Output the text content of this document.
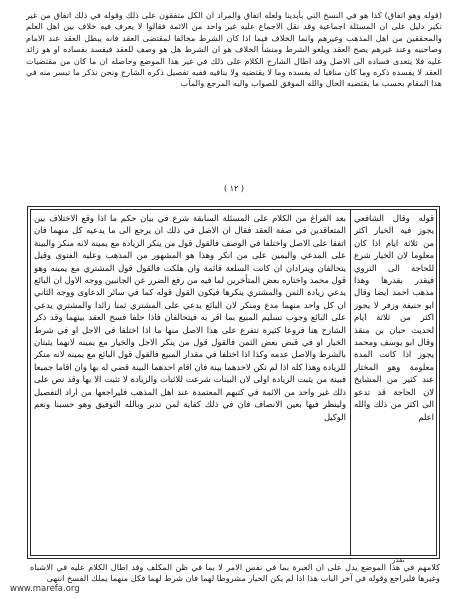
(قوله وهو اتفاق) كذا هو في النسخ التي بأيدينا ولعله اتفاق والمراد ان الكل متفقون على ذلك وقوله في ذلك اتفاق من غير نكير دليل على ان المسئلة اجماعية وقد نقل الاجماع عليه غير واحد من الائمة فقالوا لا يعرف فيه خلاف بين اهل العلم والمحققين من اهل المذهب وغيرهم وانما الخلاف فيما اذا كان الشرط مخالفا لمقتضى العقد فانه يبطل العقد عند الامام وصاحبيه وعند غيرهم يصح العقد ويلغو الشرط ومنشأ الخلاف هو ان الشرط هل هو وصف للعقد فيفسد بفساده او هو زائد عليه فلا يتعدى فساده الى الاصل وقد اطال الشارح الكلام على ذلك في غير هذا الموضع وحاصله ان ما كان من مقتضيات العقد لا يفسده ذكره وما كان منافيا له يفسده وما لا يقتضيه ولا ينافيه ففيه تفصيل ذكره الشارح ونحن نذكر ما تيسر منه في هذا المقام بحسب ما يقتضيه الحال والله الموفق للصواب واليه المرجع والمآب
( ١٢ )
بعد الفراغ من الكلام على المسئلة السابقة شرع في بيان حكم ما اذا وقع الاختلاف بين المتعاقدين في صفة العقد فقال ان الاصل في ذلك ان يرجع الى ما يدعيه كل منهما فان اتفقا على الاصل واختلفا في الوصف فالقول قول من ينكر الزيادة مع يمينه لانه منكر والبينة على المدعي واليمين على من انكر وهذا هو المشهور من المذهب وعليه الفتوى وقيل يتحالفان ويترادان ان كانت السلعة قائمة وان هلكت فالقول قول المشتري مع يمينه وهو قول محمد واختاره بعض المتأخرين لما فيه من رفع الضرر عن الجانبين ووجه الاول ان البائع يدعي زيادة الثمن والمشتري ينكرها فيكون القول قوله كما في سائر الدعاوى ووجه الثاني ان كل واحد منهما مدع ومنكر لان البائع يدعي على المشتري ثمنا زائدا والمشتري يدعي على البائع وجوب تسليم المبيع بما اقر به فيتحالفان فاذا حلفا فسخ العقد بينهما وقد ذكر الشارح هنا فروعا كثيرة تتفرع على هذا الاصل منها ما اذا اختلفا في الاجل او في شرط الخيار او في قبض بعض الثمن فالقول قول من ينكر الاجل والخيار مع يمينه لانهما يثبتان بالشرط والاصل عدمه وكذا اذا اختلفا في مقدار المبيع فالقول قول البائع مع يمينه لانه منكر للزيادة وهذا كله اذا لم تكن لاحدهما بينة فان اقام احدهما البينة قضي له بها وان اقاما جميعا فبينة من يثبت الزيادة اولى لان البينات شرعت للاثبات والزيادة لا تثبت الا بها وقد نص على ذلك غير واحد من الائمة في كتبهم المعتمدة عند اهل المذهب فليراجعها من اراد التفصيل ولينظر فيها بعين الانصاف فان في ذلك كفاية لمن تدبر وبالله التوفيق وهو حسبنا ونعم الوكيل
قوله وقال الشافعي يجوز فيه الخيار اكثر من ثلاثة ايام اذا كان معلوما لان الخيار شرع للحاجة الى التروي فيقدر بقدرها وهذا مذهب احمد ايضا وقال ابو حنيفة وزفر لا يجوز اكثر من ثلاثة ايام لحديث حبان بن منقذ وقال ابو يوسف ومحمد يجوز اذا كانت المدة معلومة وهو المختار عند كثير من المشايخ لان الحاجة قد تدعو الى اكثر من ذلك والله اعلم
نقدر
كلامهم في هذا الموضع يدل على ان العبرة بما في نفس الامر لا بما في ظن المكلف وقد اطال الكلام عليه في الاشباه وغيرها فليراجع وقوله في آخر الباب هذا اذا لم يكن الخيار مشروطا لهما فان شرط لهما فكل منهما يملك الفسخ انتهى
www.marefa.org
